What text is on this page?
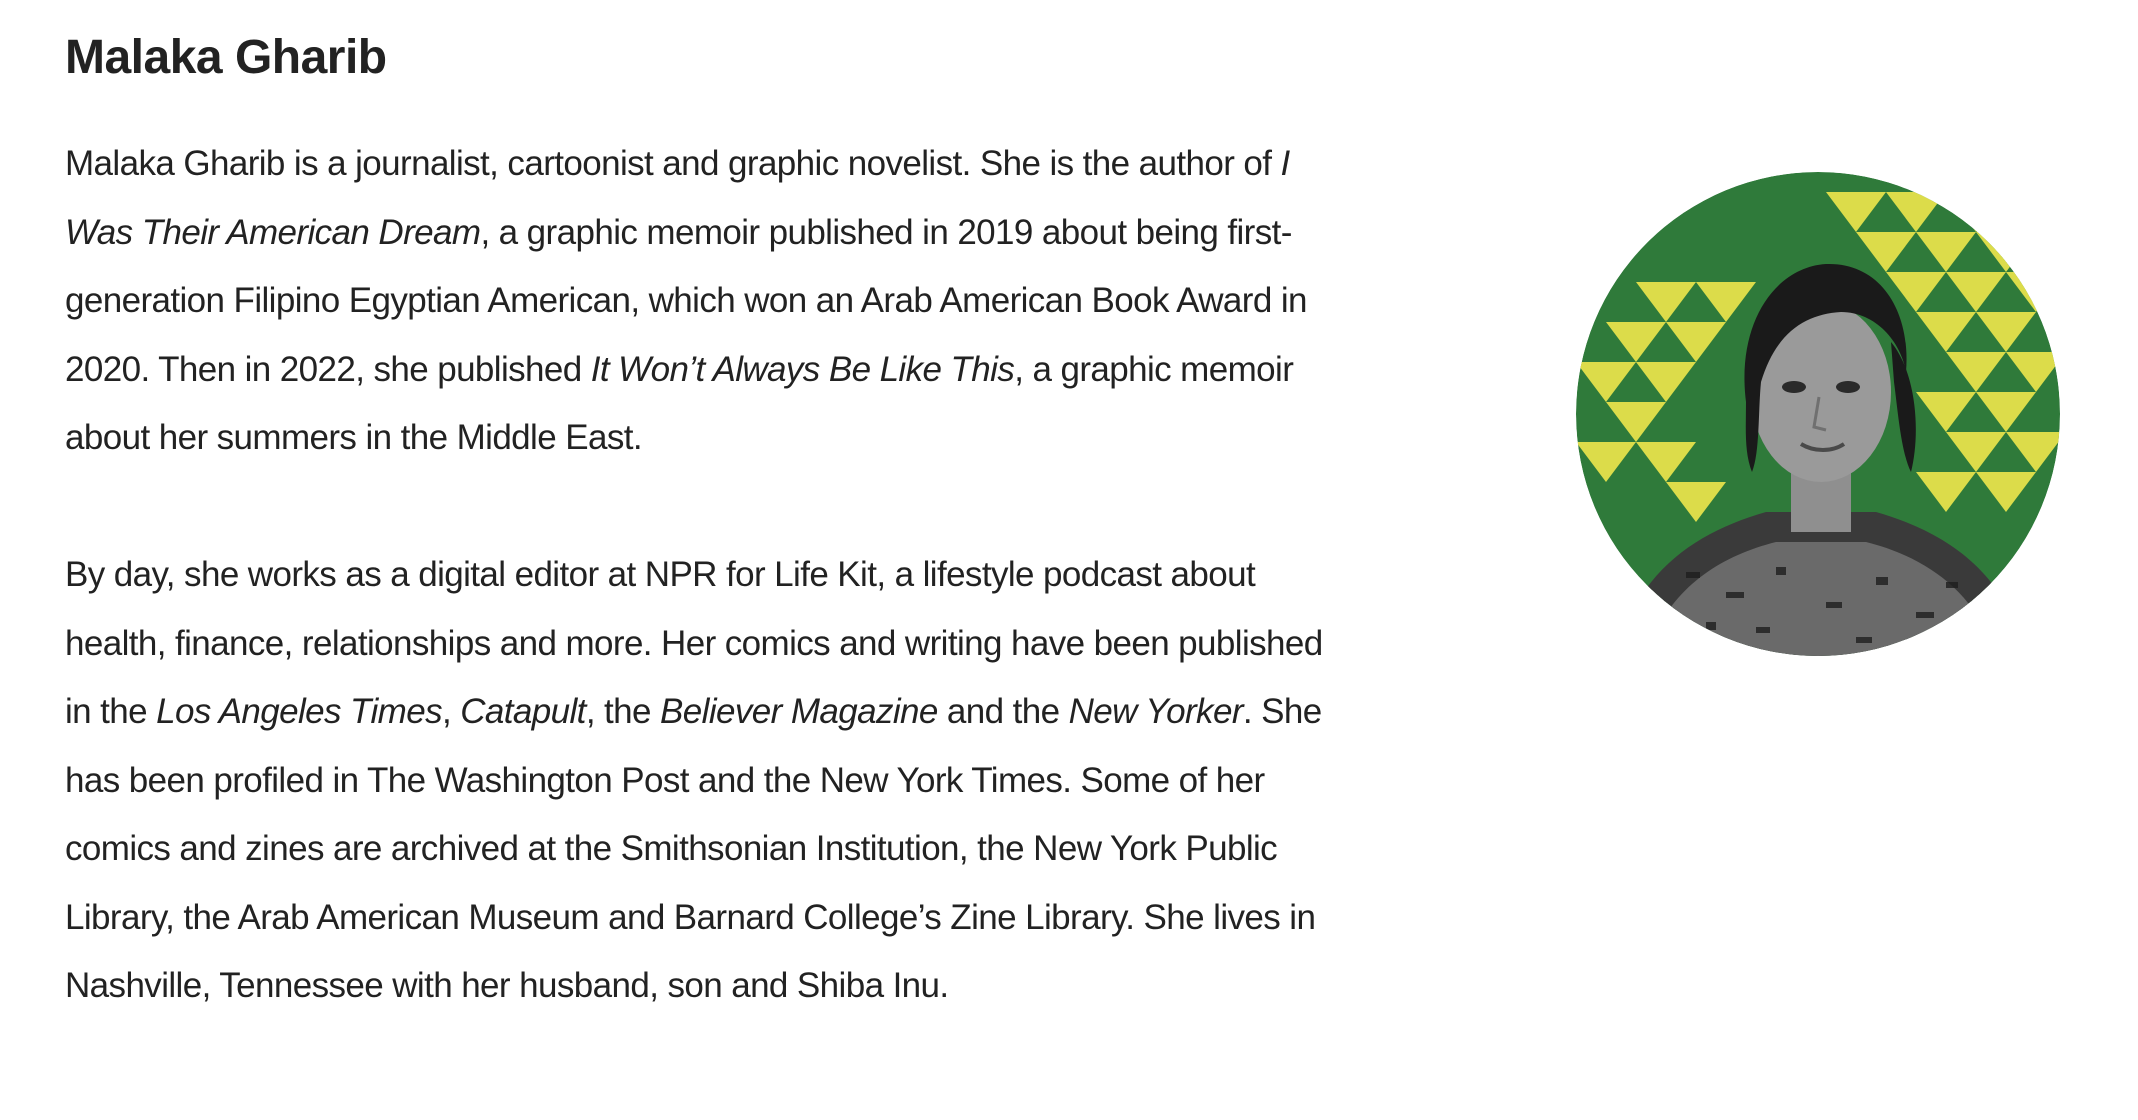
Malaka Gharib

Malaka Gharib is a journalist, cartoonist and graphic novelist. She is the author of I Was Their American Dream, a graphic memoir published in 2019 about being first-generation Filipino Egyptian American, which won an Arab American Book Award in 2020. Then in 2022, she published It Won’t Always Be Like This, a graphic memoir about her summers in the Middle East.

By day, she works as a digital editor at NPR for Life Kit, a lifestyle podcast about health, finance, relationships and more. Her comics and writing have been published in the Los Angeles Times, Catapult, the Believer Magazine and the New Yorker. She has been profiled in The Washington Post and the New York Times. Some of her comics and zines are archived at the Smithsonian Institution, the New York Public Library, the Arab American Museum and Barnard College’s Zine Library. She lives in Nashville, Tennessee with her husband, son and Shiba Inu.
